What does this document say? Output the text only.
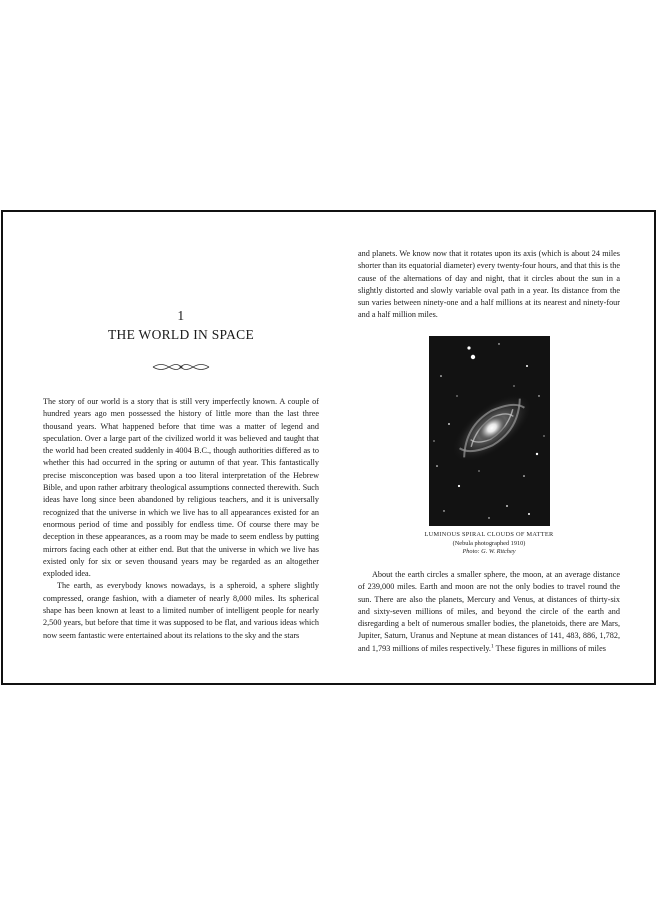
1
THE WORLD IN SPACE

The story of our world is a story that is still very imperfectly known. A couple of hundred years ago men possessed the history of little more than the last three thousand years. What happened before that time was a matter of legend and speculation. Over a large part of the civilized world it was believed and taught that the world had been created suddenly in 4004 B.C., though authorities differed as to whether this had occurred in the spring or autumn of that year. This fantastically precise misconception was based upon a too literal interpretation of the Hebrew Bible, and upon rather arbitrary theological assumptions connected therewith. Such ideas have long since been abandoned by religious teachers, and it is universally recognized that the universe in which we live has to all appearances existed for an enormous period of time and possibly for endless time. Of course there may be deception in these appearances, as a room may be made to seem endless by putting mirrors facing each other at either end. But that the universe in which we live has existed only for six or seven thousand years may be regarded as an altogether exploded idea.

The earth, as everybody knows nowadays, is a spheroid, a sphere slightly compressed, orange fashion, with a diameter of nearly 8,000 miles. Its spherical shape has been known at least to a limited number of intelligent people for nearly 2,500 years, but before that time it was supposed to be flat, and various ideas which now seem fantastic were entertained about its relations to the sky and the stars

and planets. We know now that it rotates upon its axis (which is about 24 miles shorter than its equatorial diameter) every twenty-four hours, and that this is the cause of the alternations of day and night, that it circles about the sun in a slightly distorted and slowly variable oval path in a year. Its distance from the sun varies between ninety-one and a half millions at its nearest and ninety-four and a half million miles.

LUMINOUS SPIRAL CLOUDS OF MATTER
(Nebula photographed 1910)
Photo: G. W. Ritchey

About the earth circles a smaller sphere, the moon, at an average distance of 239,000 miles. Earth and moon are not the only bodies to travel round the sun. There are also the planets, Mercury and Venus, at distances of thirty-six and sixty-seven millions of miles, and beyond the circle of the earth and disregarding a belt of numerous smaller bodies, the planetoids, there are Mars, Jupiter, Saturn, Uranus and Neptune at mean distances of 141, 483, 886, 1,782, and 1,793 millions of miles respectively.$^1$ These figures in millions of miles
